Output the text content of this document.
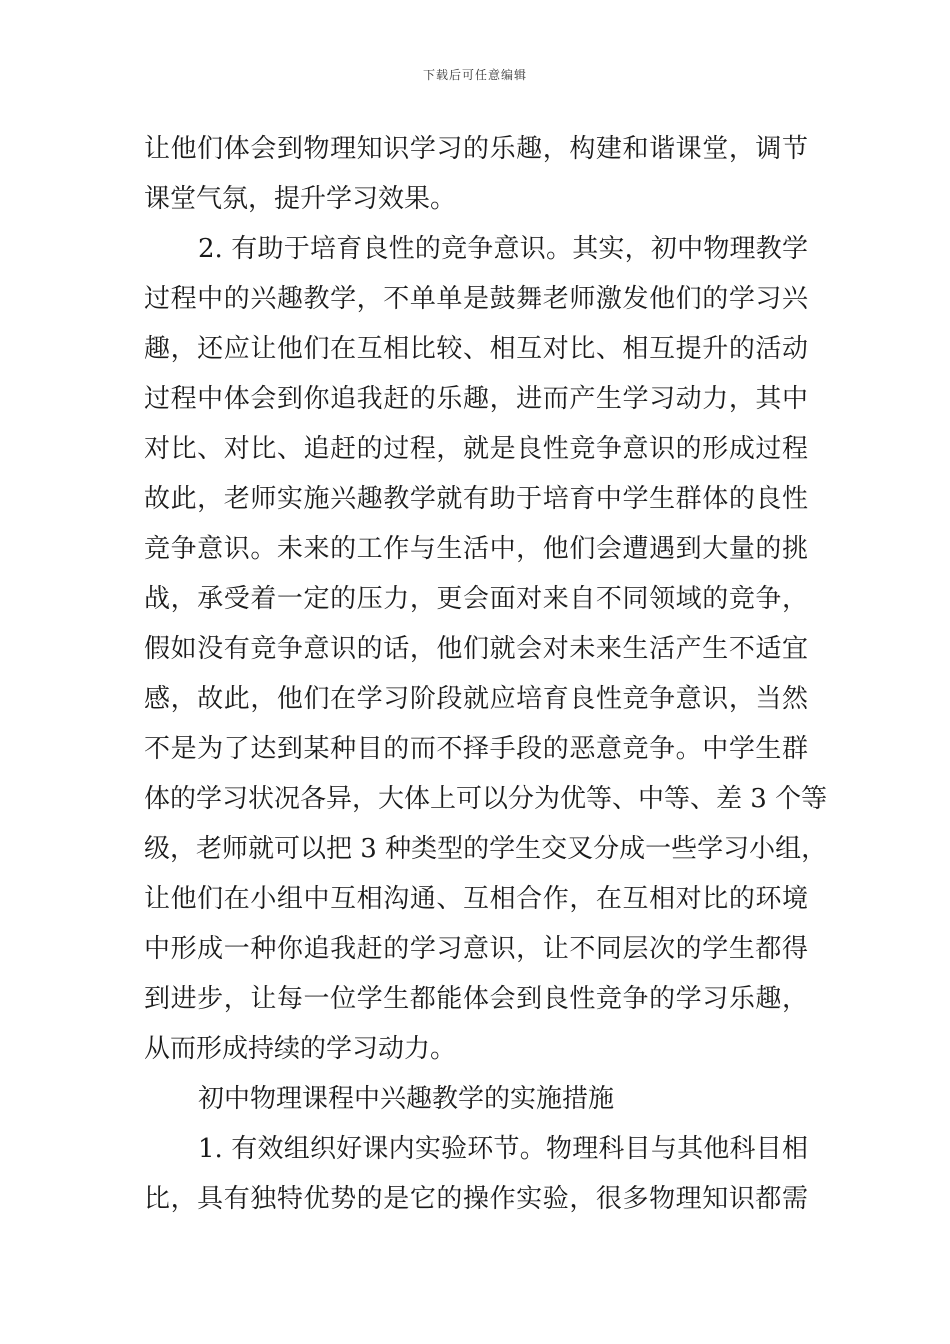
下载后可任意编辑
让他们体会到物理知识学习的乐趣，构建和谐课堂，调节
课堂气氛，提升学习效果。
2. 有助于培育良性的竞争意识。其实，初中物理教学
过程中的兴趣教学，不单单是鼓舞老师激发他们的学习兴
趣，还应让他们在互相比较、相互对比、相互提升的活动
过程中体会到你追我赶的乐趣，进而产生学习动力，其中
对比、对比、追赶的过程，就是良性竞争意识的形成过程
故此，老师实施兴趣教学就有助于培育中学生群体的良性
竞争意识。未来的工作与生活中，他们会遭遇到大量的挑
战，承受着一定的压力，更会面对来自不同领域的竞争，
假如没有竞争意识的话，他们就会对未来生活产生不适宜
感，故此，他们在学习阶段就应培育良性竞争意识，当然
不是为了达到某种目的而不择手段的恶意竞争。中学生群
体的学习状况各异，大体上可以分为优等、中等、差 3 个等
级，老师就可以把 3 种类型的学生交叉分成一些学习小组，
让他们在小组中互相沟通、互相合作，在互相对比的环境
中形成一种你追我赶的学习意识，让不同层次的学生都得
到进步，让每一位学生都能体会到良性竞争的学习乐趣，
从而形成持续的学习动力。
初中物理课程中兴趣教学的实施措施
1. 有效组织好课内实验环节。物理科目与其他科目相
比，具有独特优势的是它的操作实验，很多物理知识都需
